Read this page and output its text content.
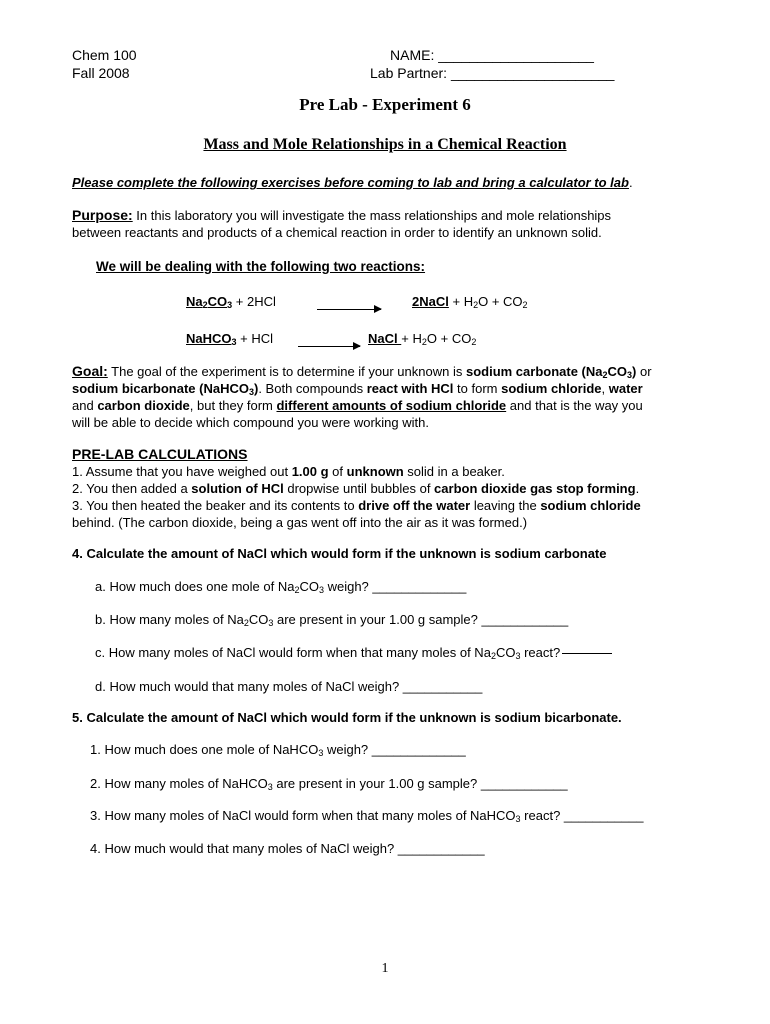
Chem 100
Fall 2008
NAME: ____________________
Lab Partner: _____________________
Pre Lab - Experiment 6
Mass and Mole Relationships in a Chemical Reaction
Please complete the following exercises before coming to lab and bring a calculator to lab.
Purpose: In this laboratory you will investigate the mass relationships and mole relationships
between reactants and products of a chemical reaction in order to identify an unknown solid.
We will be dealing with the following two reactions:
$Na_2CO_3 + 2HCl$	2NaCl + $H_2O + CO_2$
NaHCO$_3$ + HCl → NaCl + $H_2O + CO_2$
Goal: The goal of the experiment is to determine if your unknown is sodium carbonate $(Na_2CO_3)$ or
sodium bicarbonate (NaHCO$_3$). Both compounds react with HCl to form sodium chloride, water
and carbon dioxide, but they form different amounts of sodium chloride and that is the way you
will be able to decide which compound you were working with.
PRE-LAB CALCULATIONS
1. Assume that you have weighed out 1.00 g of unknown solid in a beaker.
2. You then added a solution of HCl dropwise until bubbles of carbon dioxide gas stop forming.
3. You then heated the beaker and its contents to drive off the water leaving the sodium chloride
behind. (The carbon dioxide, being a gas went off into the air as it was formed.)
4. Calculate the amount of NaCl which would form if the unknown is sodium carbonate
a. How much does one mole of $Na_2CO_3$ weigh? _____________
b. How many moles of $Na_2CO_3$ are present in your 1.00 g sample? ____________
c. How many moles of NaCl would form when that many moles of $Na_2CO_3$ react?
d. How much would that many moles of NaCl weigh? ___________
5. Calculate the amount of NaCl which would form if the unknown is sodium bicarbonate.
1. How much does one mole of NaHCO$_3$ weigh? _____________
2. How many moles of NaHCO$_3$ are present in your 1.00 g sample? ____________
3. How many moles of NaCl would form when that many moles of NaHCO$_3$ react? ___________
4. How much would that many moles of NaCl weigh? ____________
1
